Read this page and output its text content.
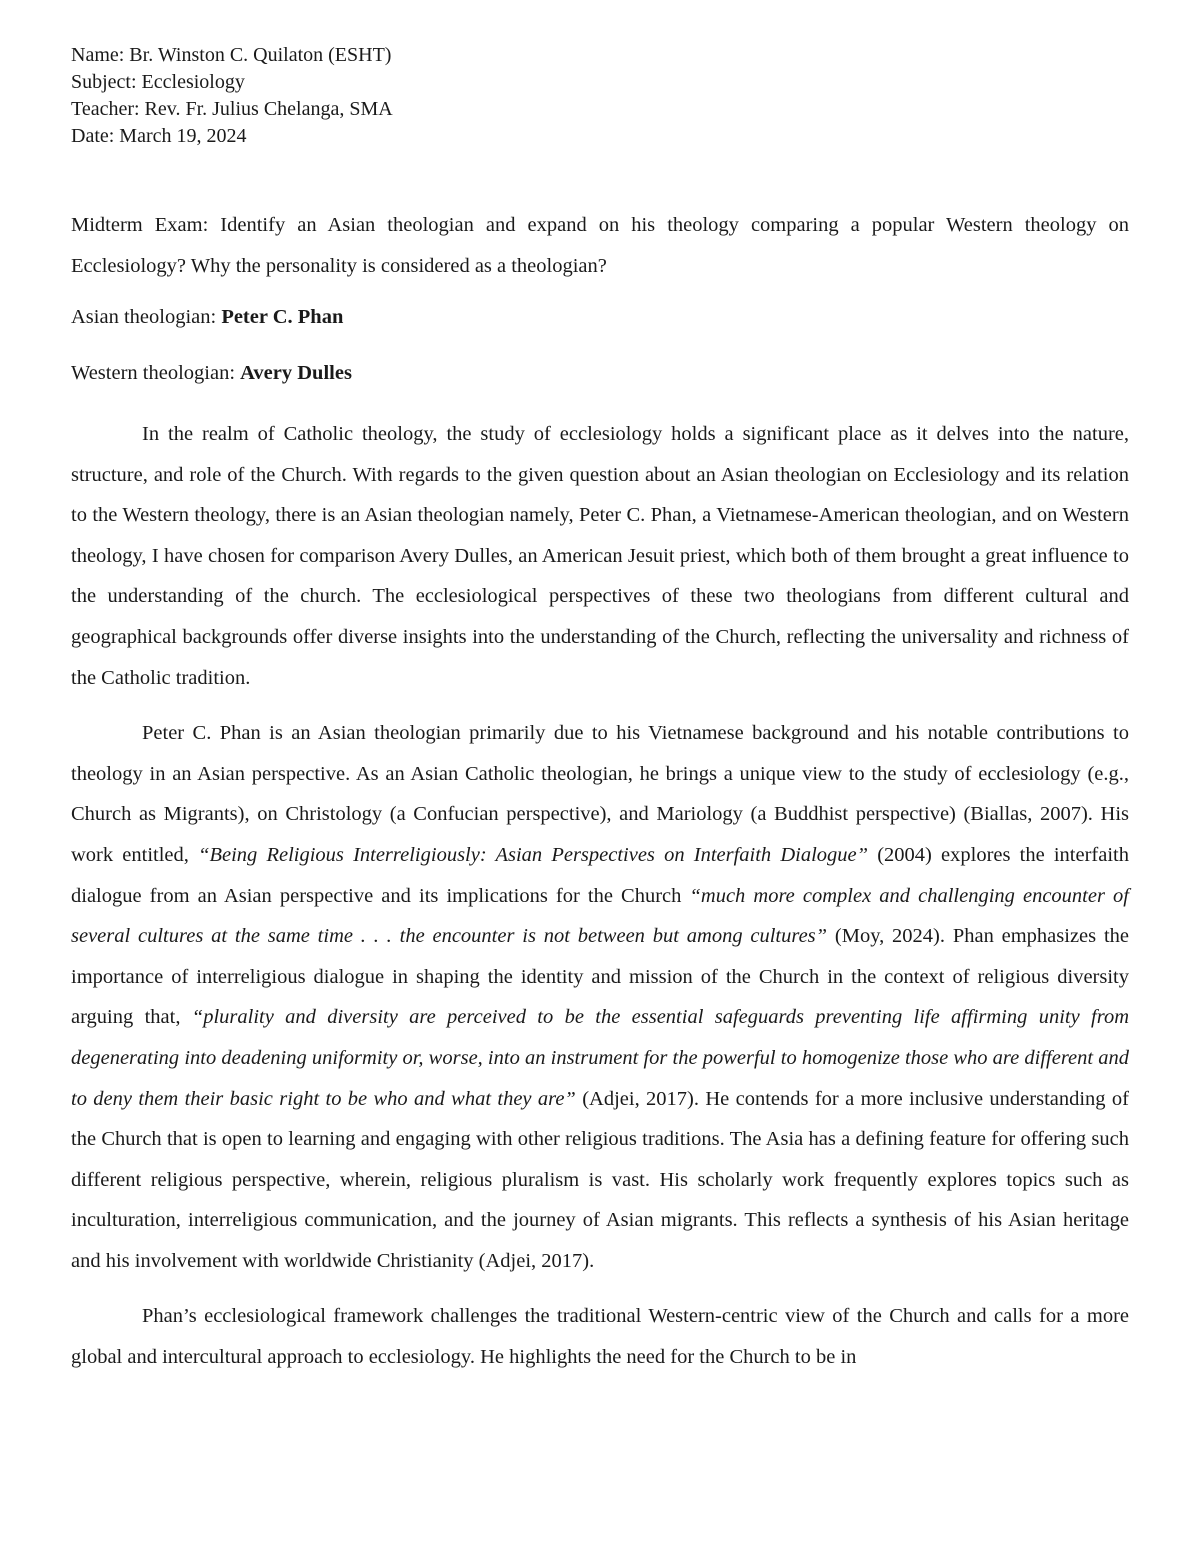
Name: Br. Winston C. Quilaton (ESHT)
Subject: Ecclesiology
Teacher: Rev. Fr. Julius Chelanga, SMA
Date: March 19, 2024
Midterm Exam: Identify an Asian theologian and expand on his theology comparing a popular Western theology on Ecclesiology? Why the personality is considered as a theologian?
Asian theologian: Peter C. Phan
Western theologian: Avery Dulles

In the realm of Catholic theology, the study of ecclesiology holds a significant place as it delves into the nature, structure, and role of the Church. With regards to the given question about an Asian theologian on Ecclesiology and its relation to the Western theology, there is an Asian theologian namely, Peter C. Phan, a Vietnamese-American theologian, and on Western theology, I have chosen for comparison Avery Dulles, an American Jesuit priest, which both of them brought a great influence to the understanding of the church. The ecclesiological perspectives of these two theologians from different cultural and geographical backgrounds offer diverse insights into the understanding of the Church, reflecting the universality and richness of the Catholic tradition.

Peter C. Phan is an Asian theologian primarily due to his Vietnamese background and his notable contributions to theology in an Asian perspective. As an Asian Catholic theologian, he brings a unique view to the study of ecclesiology (e.g., Church as Migrants), on Christology (a Confucian perspective), and Mariology (a Buddhist perspective) (Biallas, 2007). His work entitled, “Being Religious Interreligiously: Asian Perspectives on Interfaith Dialogue” (2004) explores the interfaith dialogue from an Asian perspective and its implications for the Church “much more complex and challenging encounter of several cultures at the same time . . . the encounter is not between but among cultures” (Moy, 2024). Phan emphasizes the importance of interreligious dialogue in shaping the identity and mission of the Church in the context of religious diversity arguing that, “plurality and diversity are perceived to be the essential safeguards preventing life affirming unity from degenerating into deadening uniformity or, worse, into an instrument for the powerful to homogenize those who are different and to deny them their basic right to be who and what they are” (Adjei, 2017). He contends for a more inclusive understanding of the Church that is open to learning and engaging with other religious traditions. The Asia has a defining feature for offering such different religious perspective, wherein, religious pluralism is vast. His scholarly work frequently explores topics such as inculturation, interreligious communication, and the journey of Asian migrants. This reflects a synthesis of his Asian heritage and his involvement with worldwide Christianity (Adjei, 2017).

Phan’s ecclesiological framework challenges the traditional Western-centric view of the Church and calls for a more global and intercultural approach to ecclesiology. He highlights the need for the Church to be in
